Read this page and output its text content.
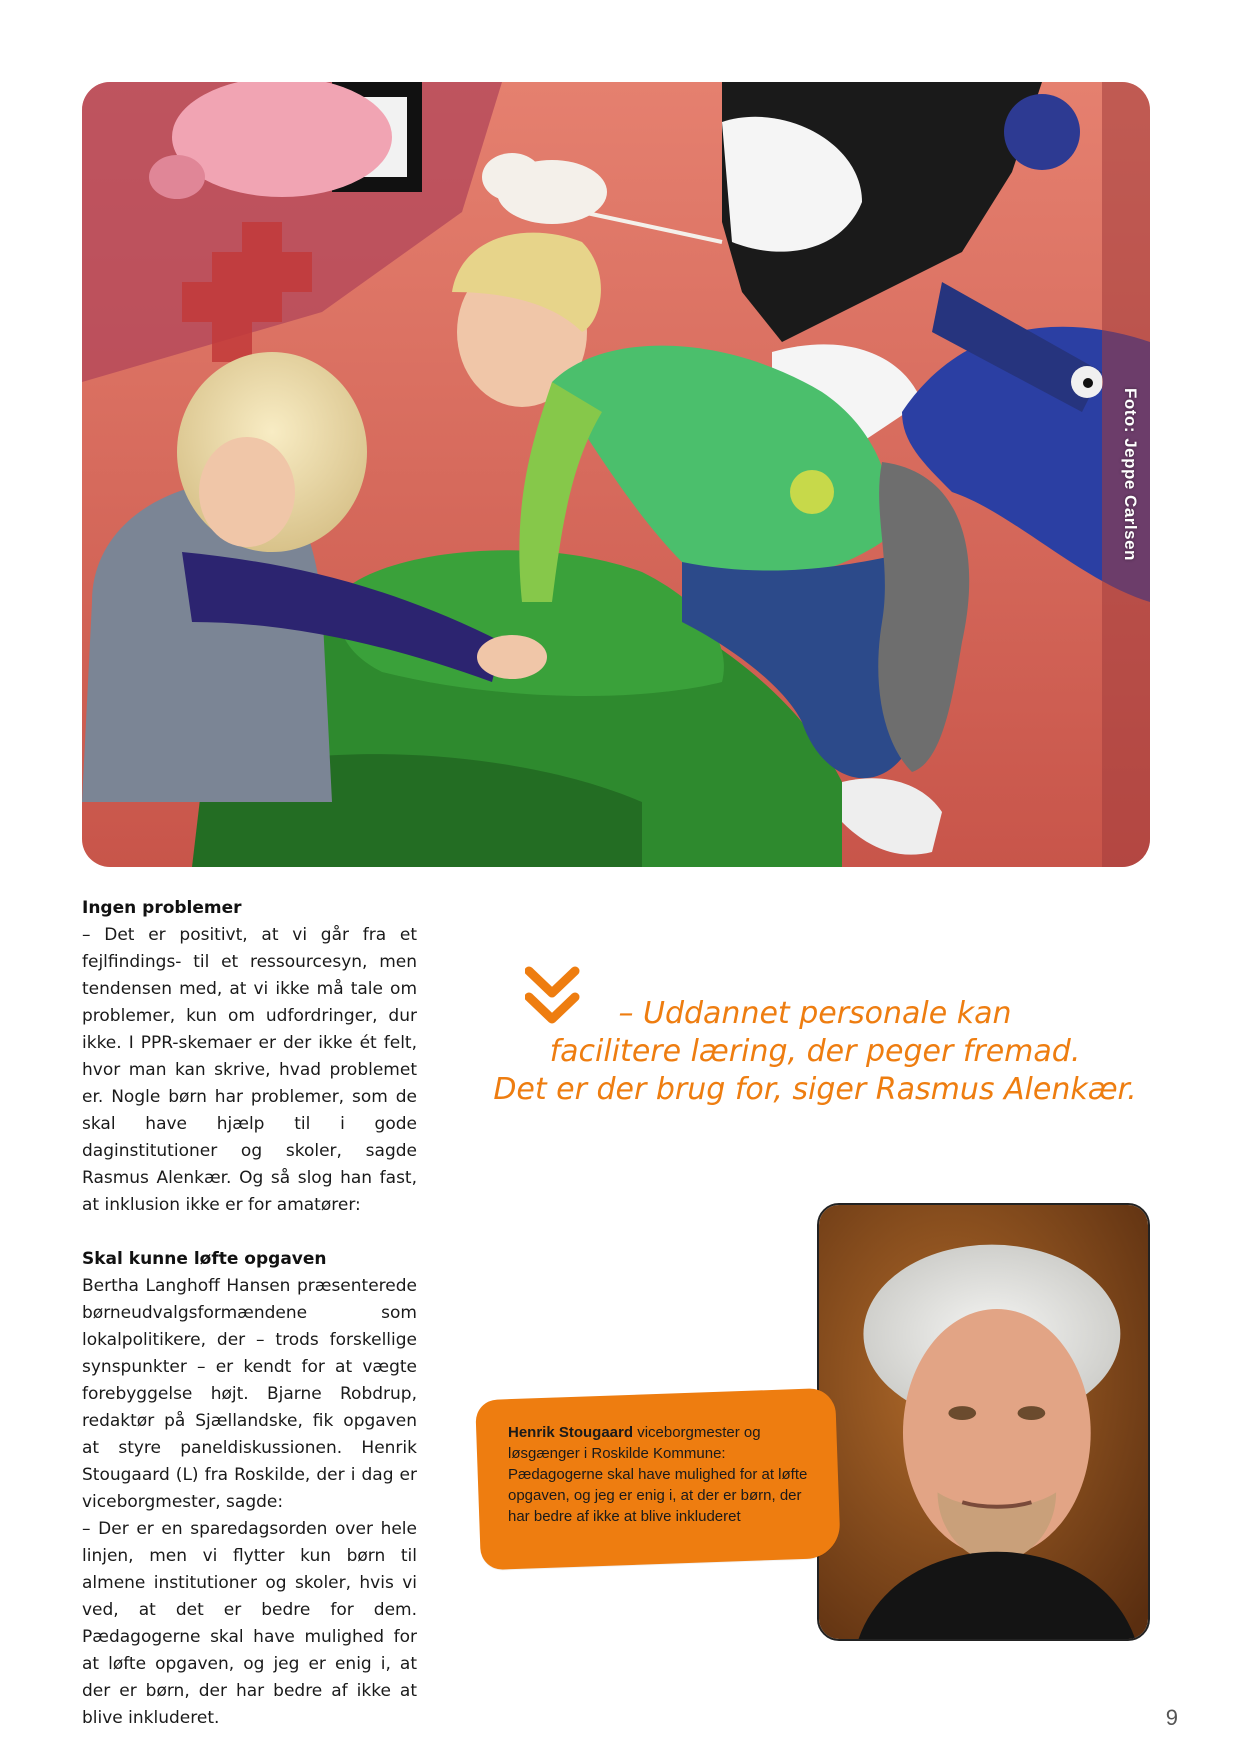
Foto: Jeppe Carlsen
Ingen problemer

– Det er positivt, at vi går fra et fejlfindings- til et ressourcesyn, men tendensen med, at vi ikke må tale om problemer, kun om udfordringer, dur ikke. I PPR-skemaer er der ikke ét felt, hvor man kan skrive, hvad problemet er. Nogle børn har problemer, som de skal have hjælp til i gode daginstitutioner og skoler, sagde Rasmus Alenkær. Og så slog han fast, at inklusion ikke er for amatører:

Skal kunne løfte opgaven

Bertha Langhoff Hansen præsenterede børneudvalgsformændene som lokalpolitikere, der – trods forskellige synspunkter – er kendt for at vægte forebyggelse højt. Bjarne Robdrup, redaktør på Sjællandske, fik opgaven at styre paneldiskussionen. Henrik Stougaard (L) fra Roskilde, der i dag er viceborgmester, sagde:

– Der er en sparedagsorden over hele linjen, men vi flytter kun børn til almene institutioner og skoler, hvis vi ved, at det er bedre for dem. Pædagogerne skal have mulighed for at løfte opgaven, og jeg er enig i, at der er børn, der har bedre af ikke at blive inkluderet.

– Uddannet personale kan
facilitere læring, der peger fremad.
Det er der brug for, siger Rasmus Alenkær.
Henrik Stougaard viceborgmester og løsgænger i Roskilde Kommune: Pædagogerne skal have mulighed for at løfte opgaven, og jeg er enig i, at der er børn, der har bedre af ikke at blive inkluderet
9
